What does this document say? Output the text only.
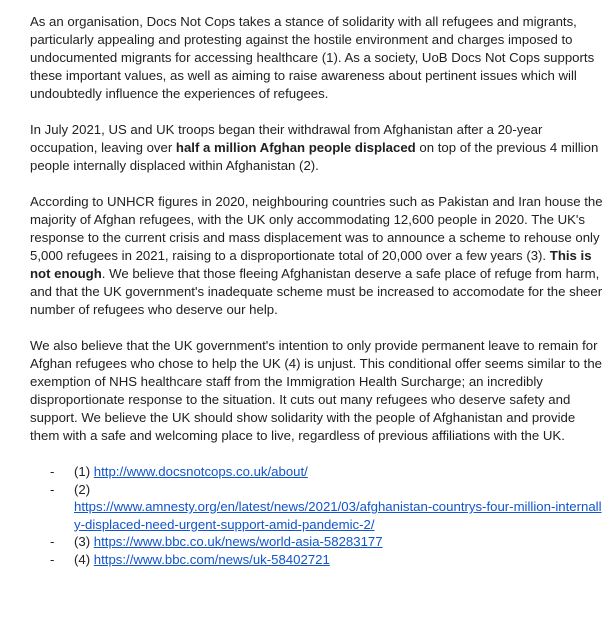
As an organisation, Docs Not Cops takes a stance of solidarity with all refugees and migrants, particularly appealing and protesting against the hostile environment and charges imposed to undocumented migrants for accessing healthcare (1). As a society, UoB Docs Not Cops supports these important values, as well as aiming to raise awareness about pertinent issues which will undoubtedly influence the experiences of refugees.

In July 2021, US and UK troops began their withdrawal from Afghanistan after a 20-year occupation, leaving over half a million Afghan people displaced on top of the previous 4 million people internally displaced within Afghanistan (2).

According to UNHCR figures in 2020, neighbouring countries such as Pakistan and Iran house the majority of Afghan refugees, with the UK only accommodating 12,600 people in 2020. The UK's response to the current crisis and mass displacement was to announce a scheme to rehouse only 5,000 refugees in 2021, raising to a disproportionate total of 20,000 over a few years (3). This is not enough. We believe that those fleeing Afghanistan deserve a safe place of refuge from harm, and that the UK government's inadequate scheme must be increased to accomodate for the sheer number of refugees who deserve our help.

We also believe that the UK government's intention to only provide permanent leave to remain for Afghan refugees who chose to help the UK (4) is unjust. This conditional offer seems similar to the exemption of NHS healthcare staff from the Immigration Health Surcharge; an incredibly disproportionate response to the situation. It cuts out many refugees who deserve safety and support. We believe the UK should show solidarity with the people of Afghanistan and provide them with a safe and welcoming place to live, regardless of previous affiliations with the UK.

- (1) http://www.docsnotcops.co.uk/about/
- (2)
https://www.amnesty.org/en/latest/news/2021/03/afghanistan-countrys-four-million-internally-displaced-need-urgent-support-amid-pandemic-2/
- (3) https://www.bbc.co.uk/news/world-asia-58283177
- (4) https://www.bbc.com/news/uk-58402721
